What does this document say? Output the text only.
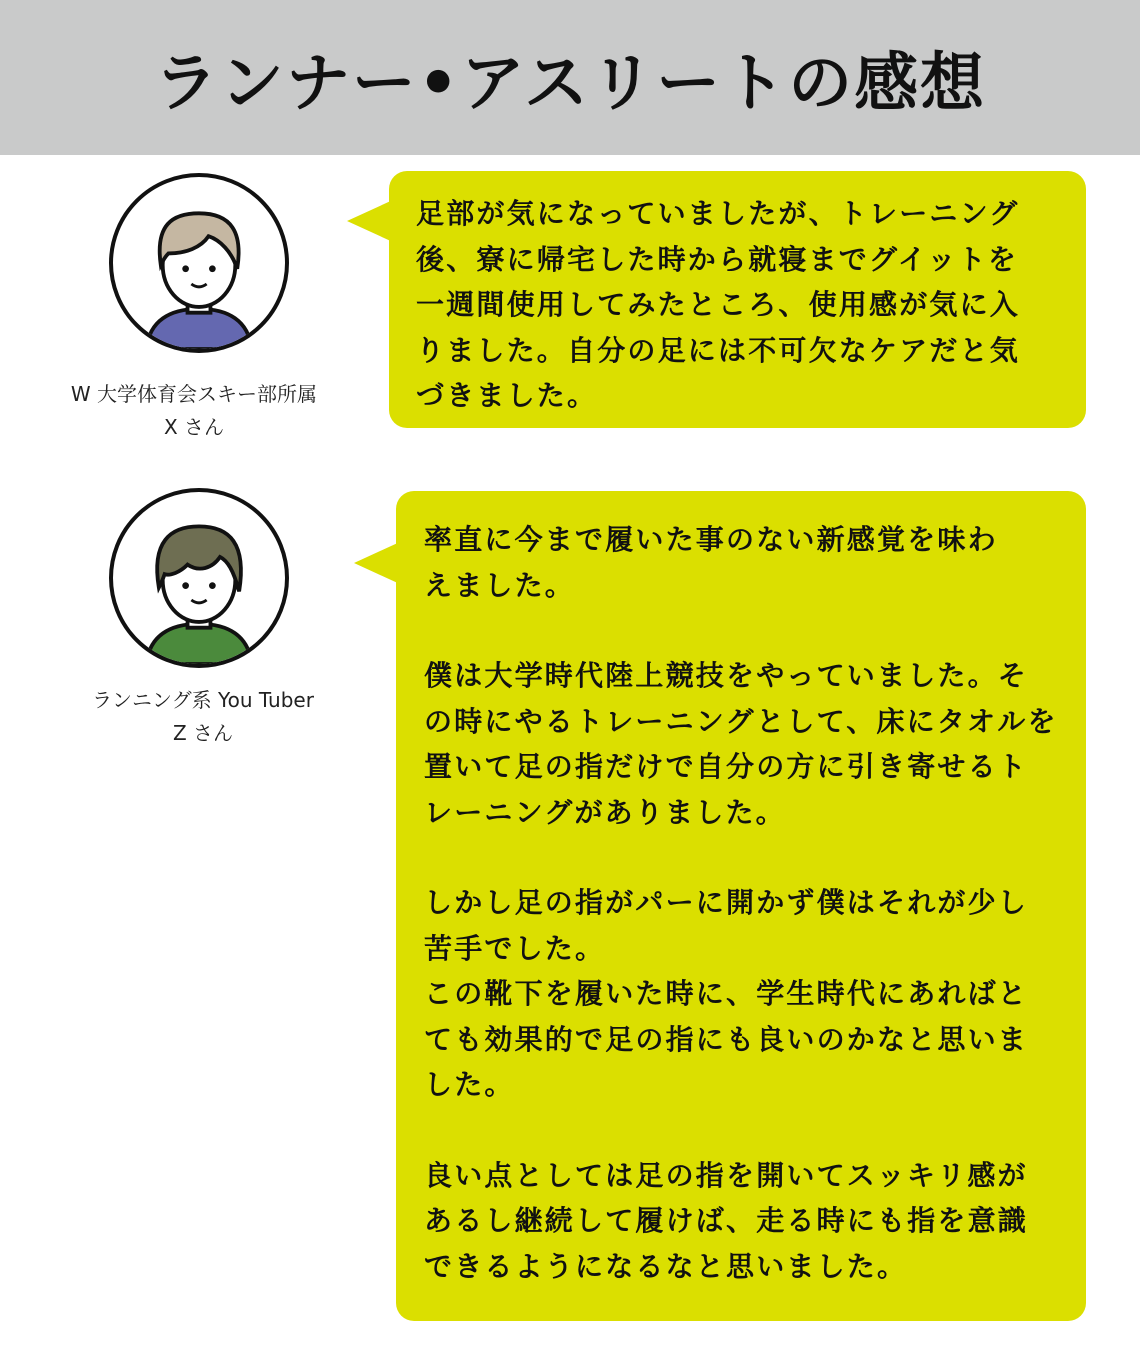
ランナー•アスリートの感想
W 大学体育会スキー部所属
X さん

足部が気になっていましたが、トレーニング

後、寮に帰宅した時から就寝までグイットを

一週間使用してみたところ、使用感が気に入

りました。自分の足には不可欠なケアだと気

づきました。

ランニング系 You Tuber
Z さん

率直に今まで履いた事のない新感覚を味わ

えました。

僕は大学時代陸上競技をやっていました。そ

の時にやるトレーニングとして、床にタオルを

置いて足の指だけで自分の方に引き寄せるト

レーニングがありました。

しかし足の指がパーに開かず僕はそれが少し

苦手でした。

この靴下を履いた時に、学生時代にあればと

ても効果的で足の指にも良いのかなと思いま

した。

良い点としては足の指を開いてスッキリ感が

あるし継続して履けば、走る時にも指を意識

できるようになるなと思いました。
